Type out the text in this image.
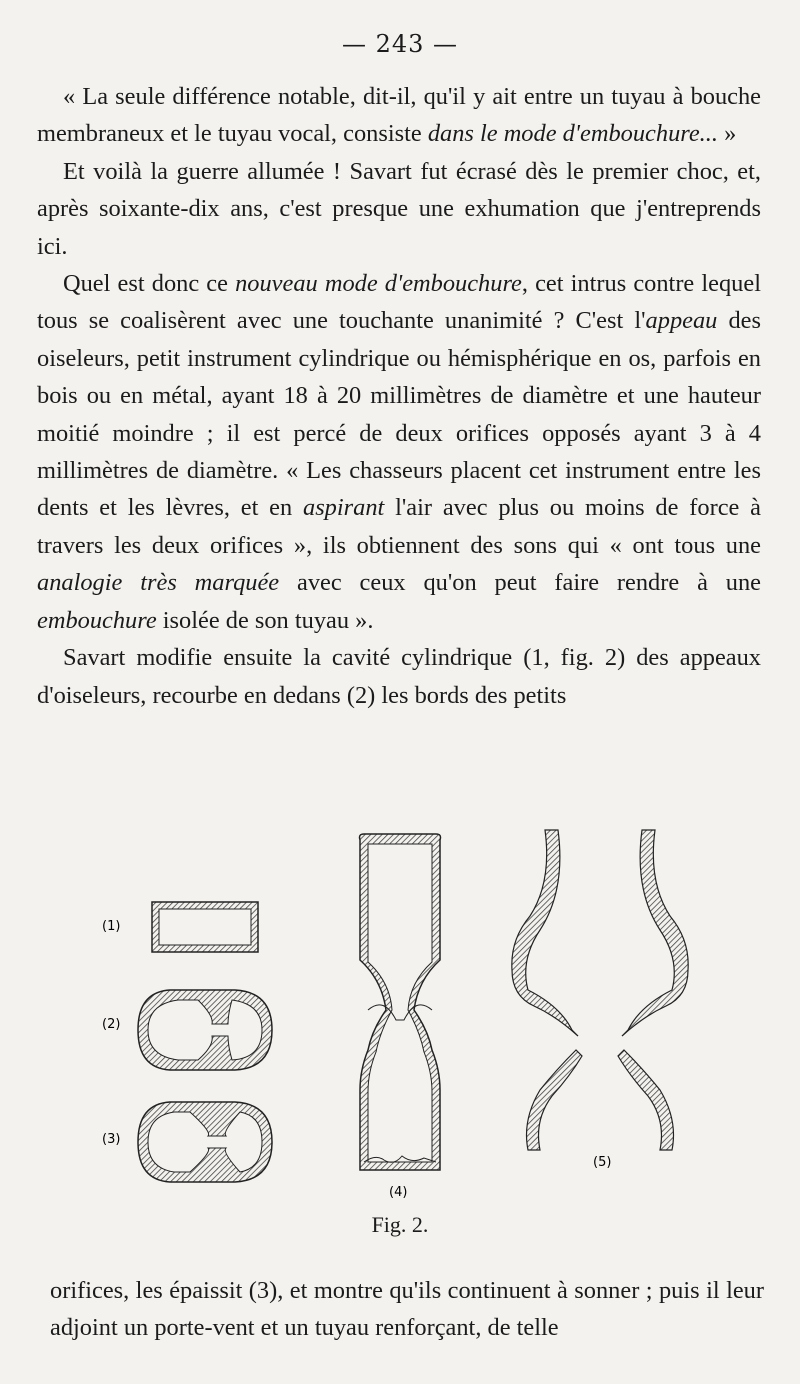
— 243 —

« La seule différence notable, dit-il, qu'il y ait entre un tuyau à bouche membraneux et le tuyau vocal, consiste dans le mode d'embouchure... »

Et voilà la guerre allumée ! Savart fut écrasé dès le premier choc, et, après soixante-dix ans, c'est presque une exhumation que j'entreprends ici.

Quel est donc ce nouveau mode d'embouchure, cet intrus contre lequel tous se coalisèrent avec une touchante unanimité ? C'est l'appeau des oiseleurs, petit instrument cylindrique ou hémisphérique en os, parfois en bois ou en métal, ayant 18 à 20 millimètres de diamètre et une hauteur moitié moindre ; il est percé de deux orifices opposés ayant 3 à 4 millimètres de diamètre. « Les chasseurs placent cet instrument entre les dents et les lèvres, et en aspirant l'air avec plus ou moins de force à travers les deux orifices », ils obtiennent des sons qui « ont tous une analogie très marquée avec ceux qu'on peut faire rendre à une embouchure isolée de son tuyau ».

Savart modifie ensuite la cavité cylindrique (1, fig. 2) des appeaux d'oiseleurs, recourbe en dedans (2) les bords des petits

(1)
(2)
(3)
(4)
(5)
Fig. 2.

orifices, les épaissit (3), et montre qu'ils continuent à sonner ; puis il leur adjoint un porte-vent et un tuyau renforçant, de telle
